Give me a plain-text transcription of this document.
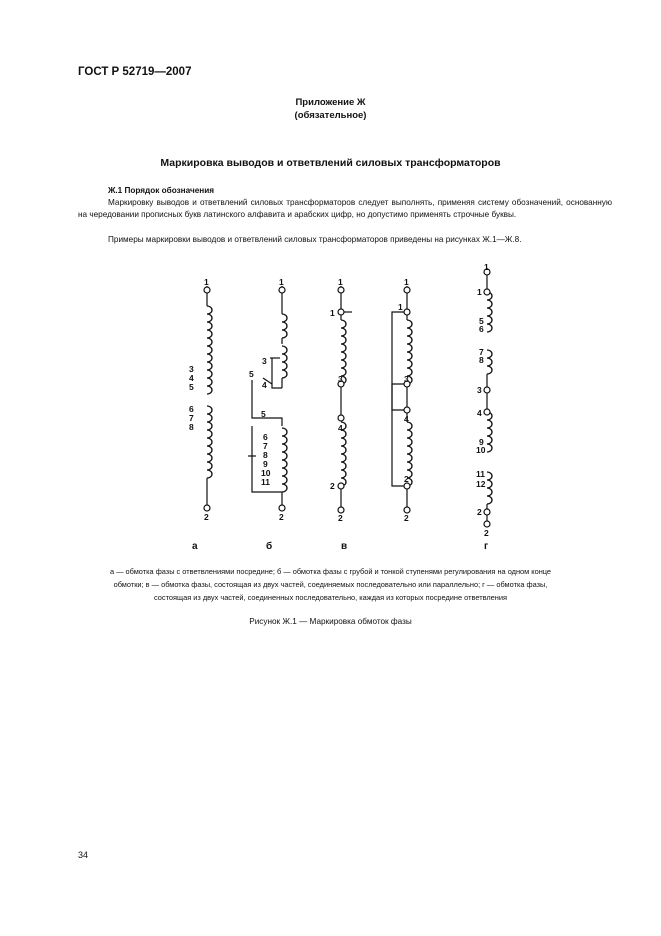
ГОСТ Р 52719—2007
Приложение Ж
(обязательное)
Маркировка выводов и ответвлений силовых трансформаторов
Ж.1 Порядок обозначения
Маркировку выводов и ответвлений силовых трансформаторов следует выполнять, применяя систему обозначений, основанную на чередовании прописных букв латинского алфавита и арабских цифр, но допустимо применять строчные буквы.
Примеры маркировки выводов и ответвлений силовых трансформаторов приведены на рисунках Ж.1—Ж.8.
1
3
4
5
6
7
8
2
а
1
3
4
5
5
6
7
8
9
10
11
2
б
1
1
3
4
2
2
в
1
1
3
4
2
2
1
1
5
6
7
8
3
4
9
10
11
12
2
2
г
а — обмотка фазы с ответвлениями посредине; б — обмотка фазы с грубой и тонкой ступенями регулирования на одном конце
обмотки; в — обмотка фазы, состоящая из двух частей, соединяемых последовательно или параллельно; г — обмотка фазы,
состоящая из двух частей, соединенных последовательно, каждая из которых посредине ответвления
Рисунок Ж.1 — Маркировка обмоток фазы
34
